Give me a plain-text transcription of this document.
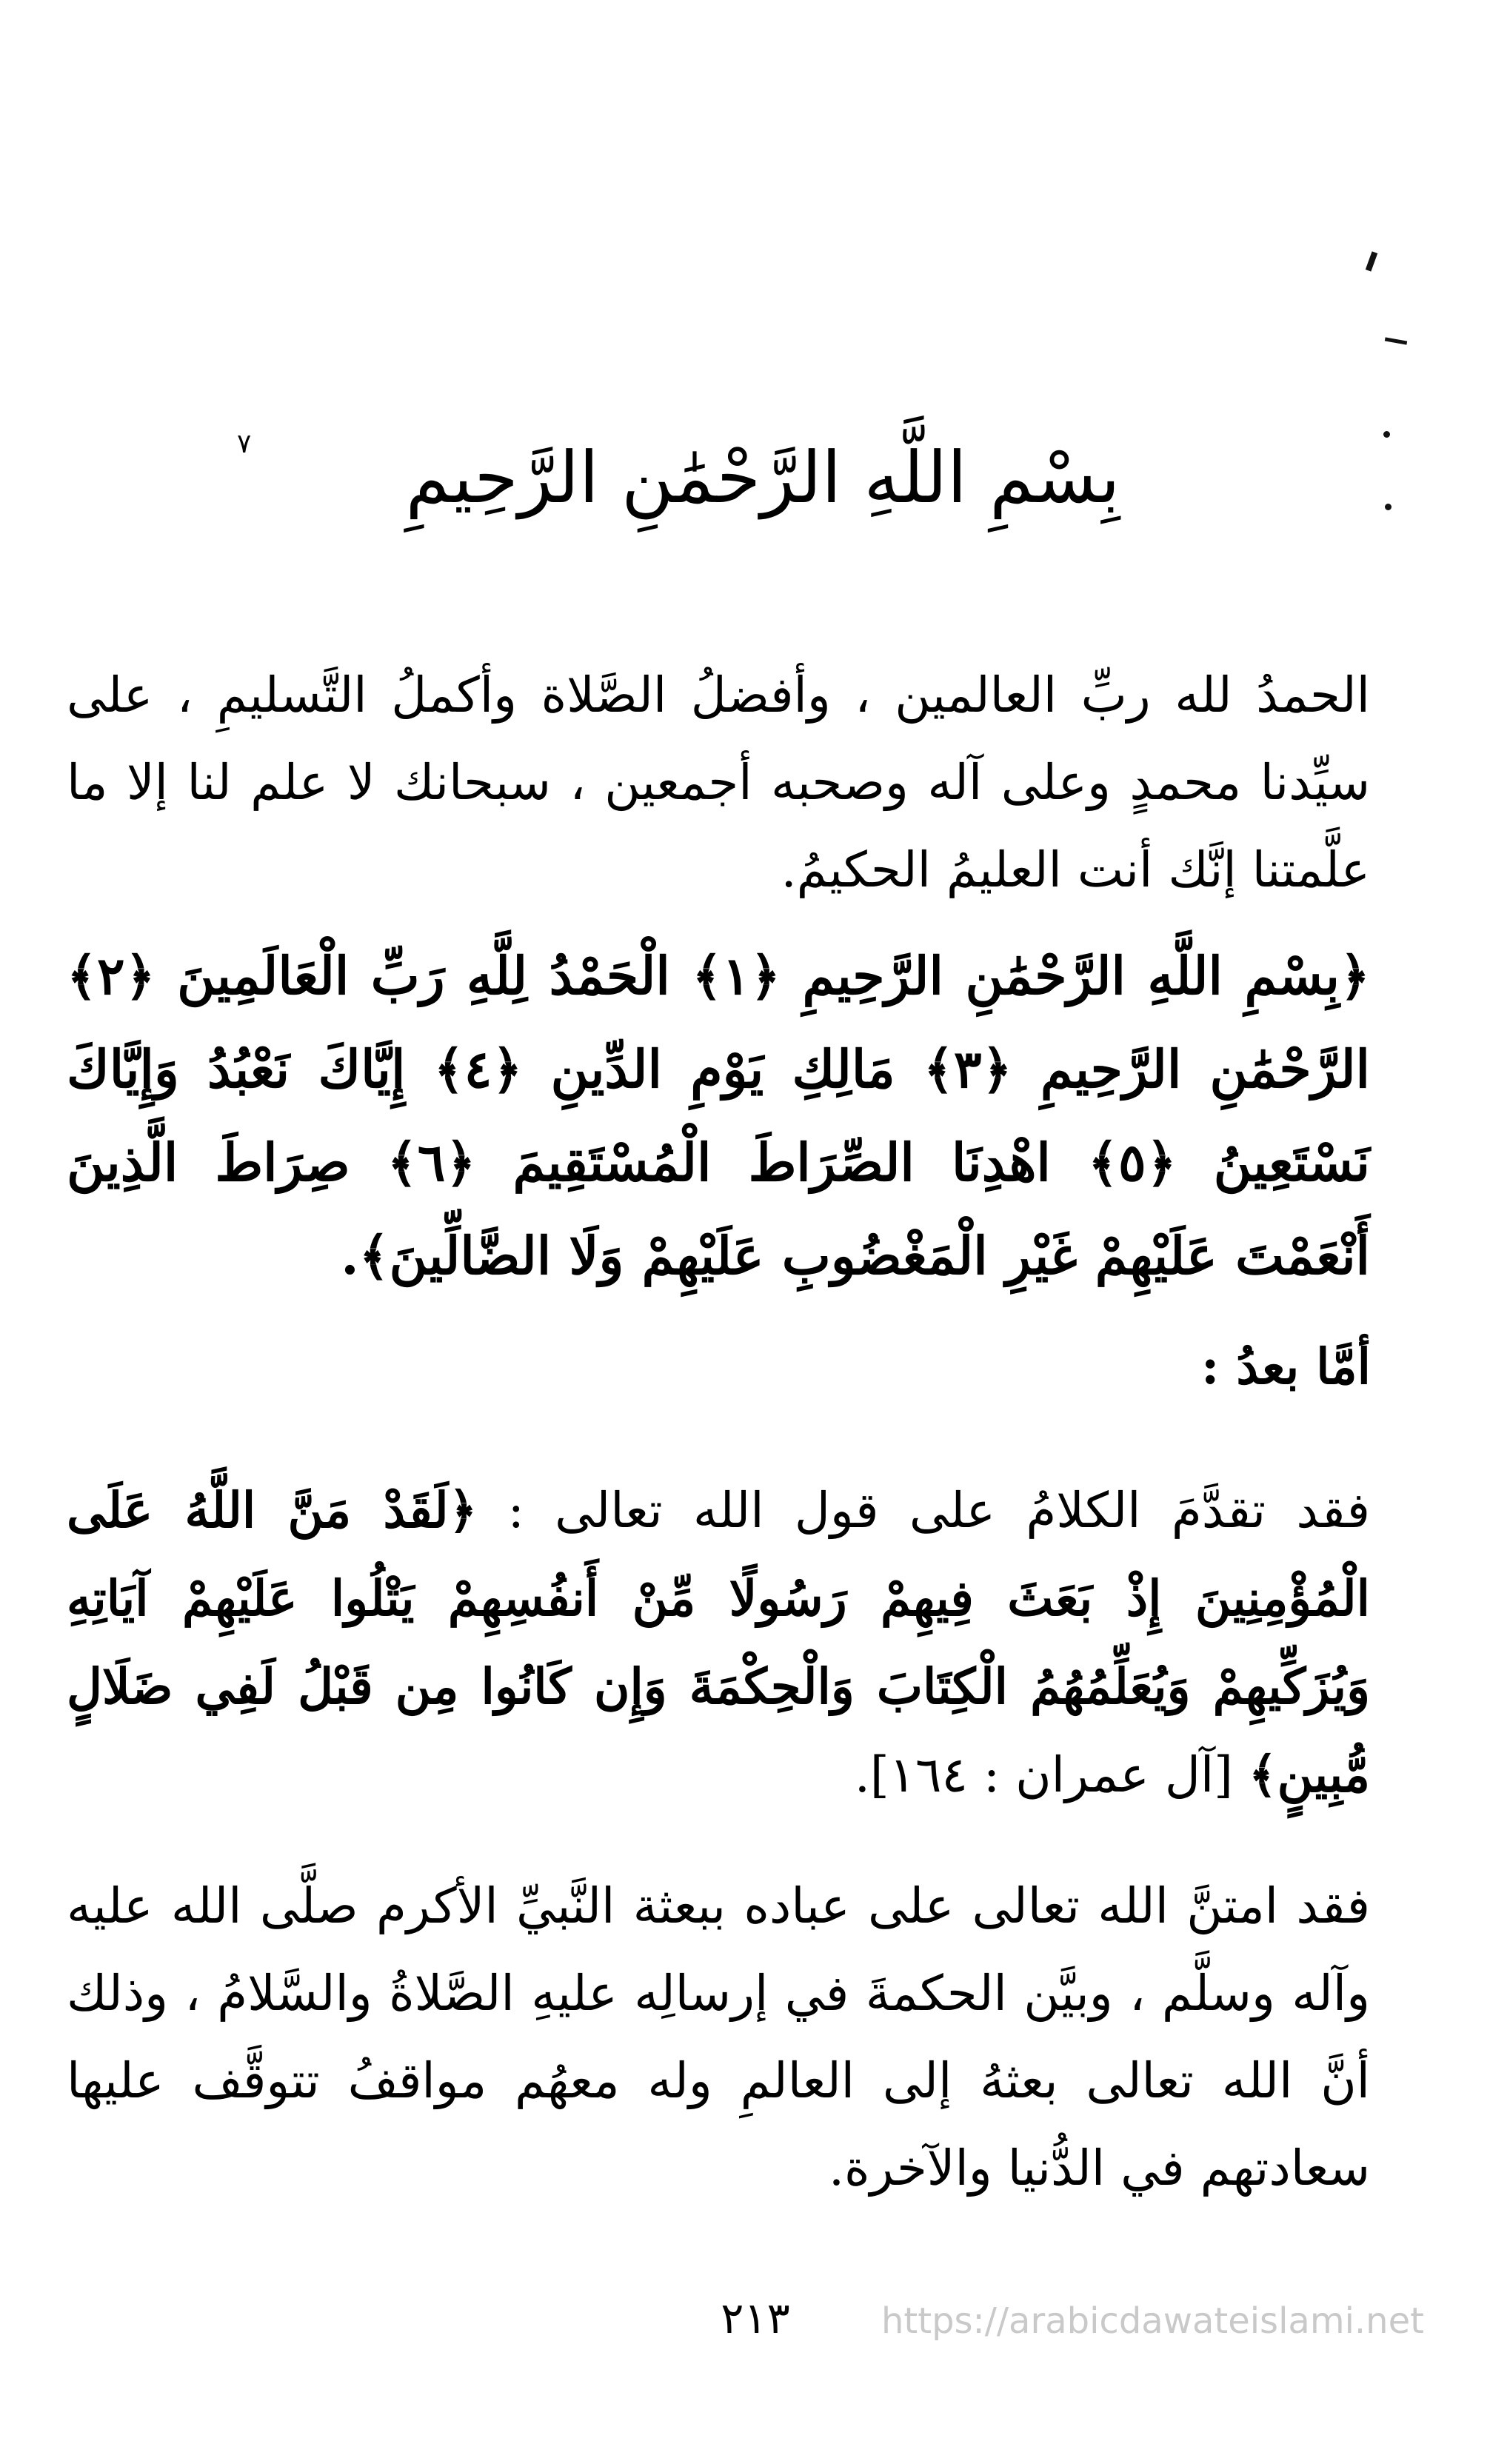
بِسْمِ اللَّهِ الرَّحْمَٰنِ الرَّحِيمِ
٧

الحمدُ لله ربِّ العالمين ، وأفضلُ الصَّلاة وأكملُ التَّسليمِ ، على سيِّدنا محمدٍ وعلى آله وصحبه أجمعين ، سبحانك لا علم لنا إلا ما علَّمتنا إنَّك أنت العليمُ الحكيمُ.

﴿بِسْمِ اللَّهِ الرَّحْمَٰنِ الرَّحِيمِ ﴿١﴾ الْحَمْدُ لِلَّهِ رَبِّ الْعَالَمِينَ ﴿٢﴾ الرَّحْمَٰنِ الرَّحِيمِ ﴿٣﴾ مَالِكِ يَوْمِ الدِّينِ ﴿٤﴾ إِيَّاكَ نَعْبُدُ وَإِيَّاكَ نَسْتَعِينُ ﴿٥﴾ اهْدِنَا الصِّرَاطَ الْمُسْتَقِيمَ ﴿٦﴾ صِرَاطَ الَّذِينَ أَنْعَمْتَ عَلَيْهِمْ غَيْرِ الْمَغْضُوبِ عَلَيْهِمْ وَلَا الضَّالِّينَ﴾.
أمَّا بعدُ :

فقد تقدَّمَ الكلامُ على قول الله تعالى : ﴿لَقَدْ مَنَّ اللَّهُ عَلَى الْمُؤْمِنِينَ إِذْ بَعَثَ فِيهِمْ رَسُولًا مِّنْ أَنفُسِهِمْ يَتْلُوا عَلَيْهِمْ آيَاتِهِ وَيُزَكِّيهِمْ وَيُعَلِّمُهُمُ الْكِتَابَ وَالْحِكْمَةَ وَإِن كَانُوا مِن قَبْلُ لَفِي ضَلَالٍ مُّبِينٍ﴾ [آل عمران : ١٦٤].

فقد امتنَّ الله تعالى على عباده ببعثة النَّبيِّ الأكرم صلَّى الله عليه وآله وسلَّم ، وبيَّن الحكمةَ في إرسالِه عليهِ الصَّلاةُ والسَّلامُ ، وذلك أنَّ الله تعالى بعثهُ إلى العالمِ وله معهُم مواقفُ تتوقَّف عليها سعادتهم في الدُّنيا والآخرة.

٢١٣	https://arabicdawateislami.net
